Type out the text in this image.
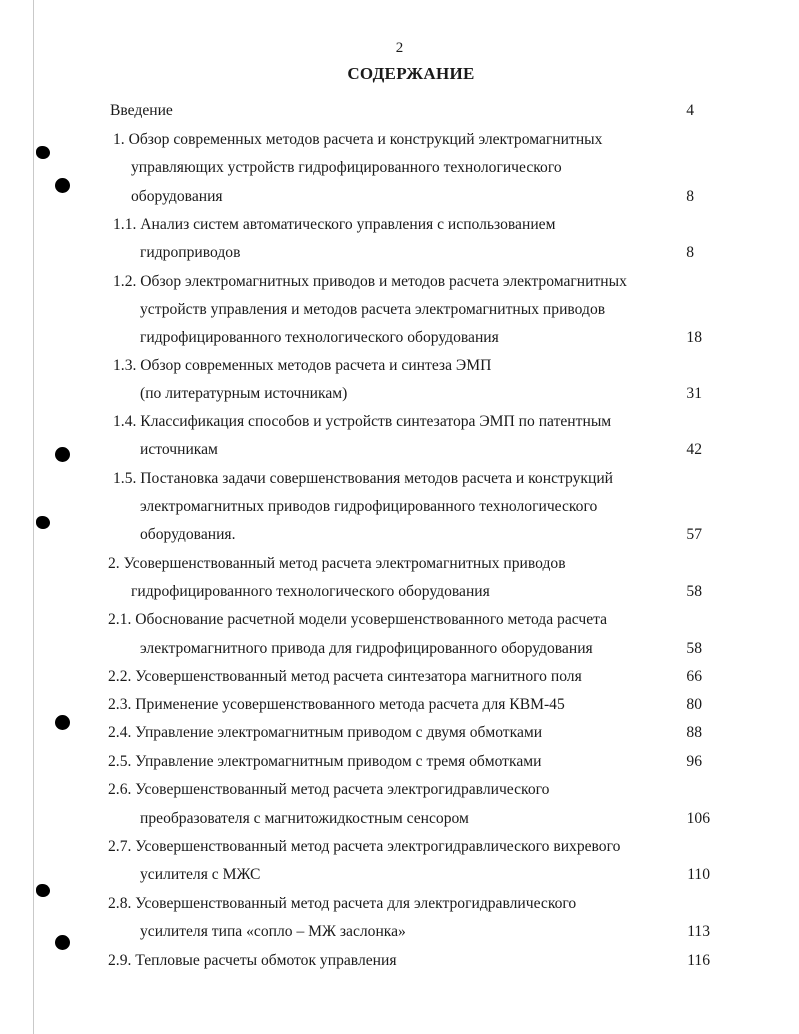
2
СОДЕРЖАНИЕ
Введение	4
1. Обзор современных методов расчета и конструкций электромагнитных
управляющих устройств гидрофицированного технологического
оборудования	8
1.1. Анализ систем автоматического управления с использованием
гидроприводов	8
1.2. Обзор электромагнитных приводов и методов расчета электромагнитных
устройств управления и методов расчета электромагнитных приводов
гидрофицированного технологического оборудования	18
1.3. Обзор современных методов расчета и синтеза ЭМП
(по литературным источникам)	31
1.4. Классификация способов и устройств синтезатора ЭМП по патентным
источникам	42
1.5. Постановка задачи совершенствования методов расчета и конструкций
электромагнитных приводов гидрофицированного технологического
оборудования.	57
2. Усовершенствованный метод расчета электромагнитных приводов
гидрофицированного технологического оборудования	58
2.1. Обоснование расчетной модели усовершенствованного метода расчета
электромагнитного привода для гидрофицированного оборудования	58
2.2. Усовершенствованный метод расчета синтезатора магнитного поля	66
2.3. Применение усовершенствованного метода расчета для КВМ-45	80
2.4. Управление электромагнитным приводом с двумя обмотками	88
2.5. Управление электромагнитным приводом с тремя обмотками	96
2.6. Усовершенствованный метод расчета электрогидравлического
преобразователя с магнитожидкостным сенсором	106
2.7. Усовершенствованный метод расчета электрогидравлического вихревого
усилителя с МЖС	110
2.8. Усовершенствованный метод расчета для электрогидравлического
усилителя типа «сопло – МЖ заслонка»	113
2.9. Тепловые расчеты обмоток управления	116
